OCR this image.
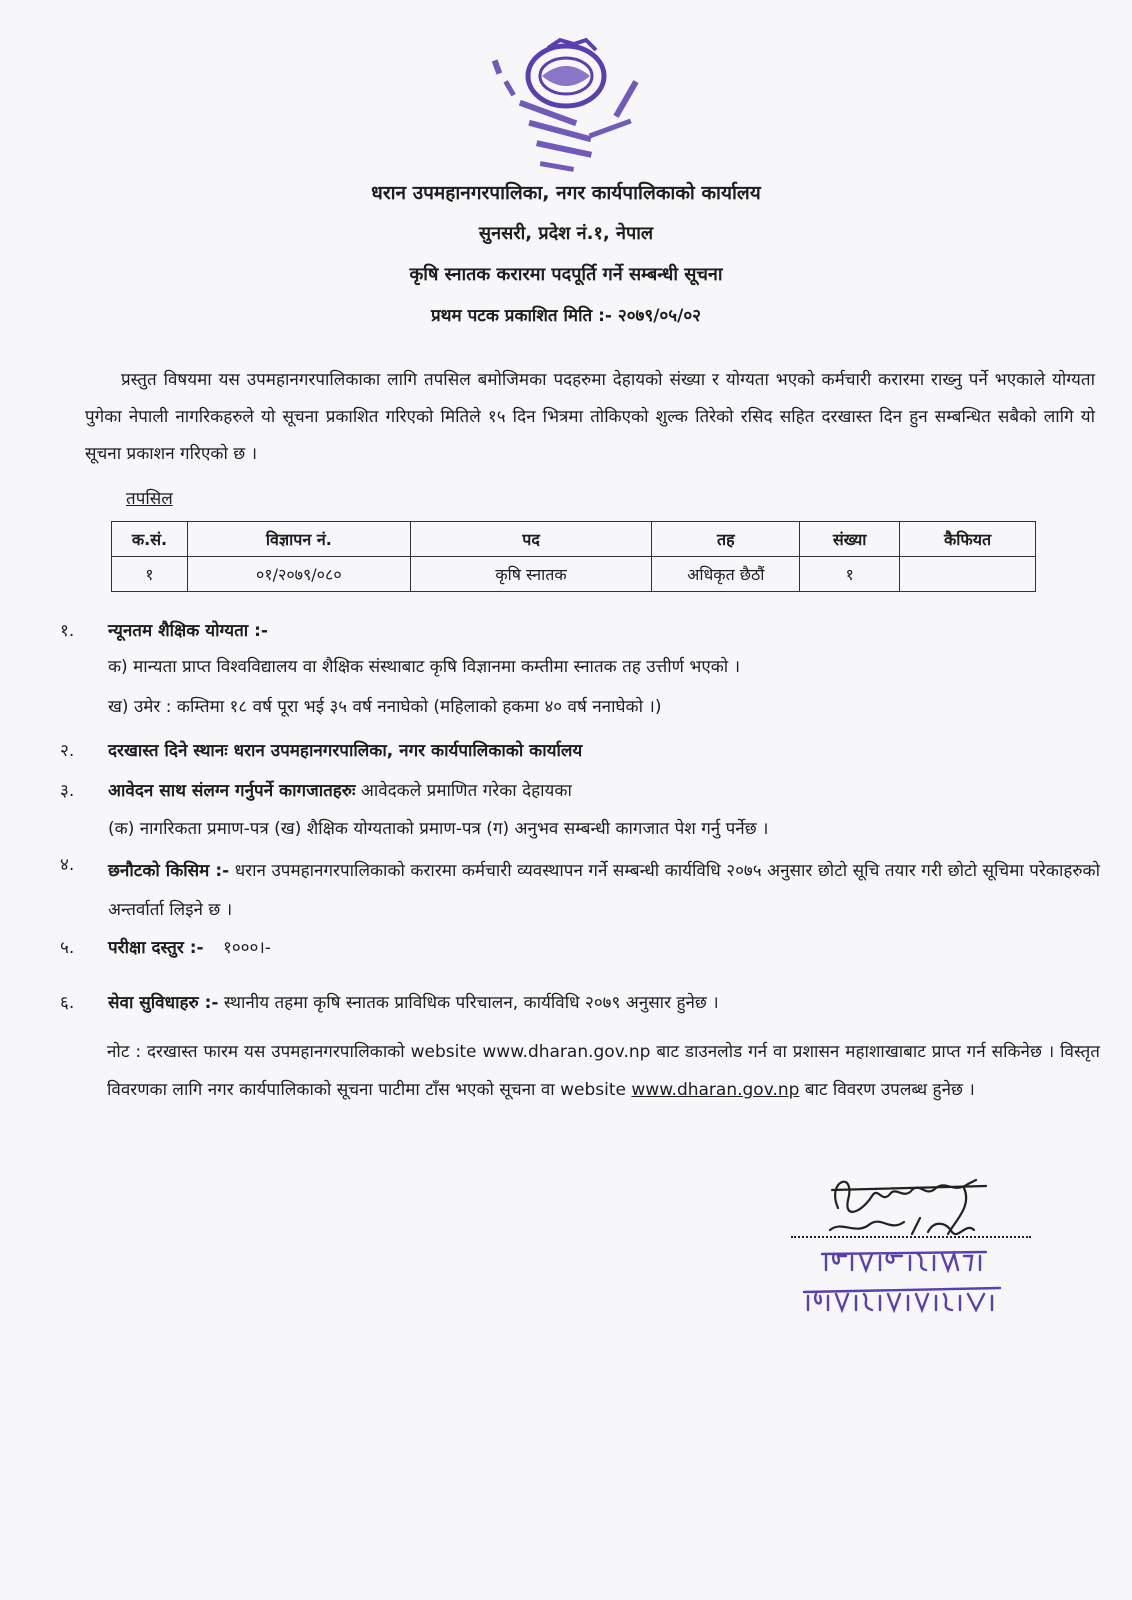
धरान उपमहानगरपालिका, नगर कार्यपालिकाको कार्यालय
सुनसरी, प्रदेश नं.१, नेपाल
कृषि स्नातक करारमा पदपूर्ति गर्ने सम्बन्धी सूचना
प्रथम पटक प्रकाशित मिति :- २०७९/०५/०२
प्रस्तुत विषयमा यस उपमहानगरपालिकाका लागि तपसिल बमोजिमका पदहरुमा देहायको संख्या र योग्यता भएको कर्मचारी करारमा राख्नु पर्ने भएकाले योग्यता पुगेका नेपाली नागरिकहरुले यो सूचना प्रकाशित गरिएको मितिले १५ दिन भित्रमा तोकिएको शुल्क तिरेको रसिद सहित दरखास्त दिन हुन सम्बन्धित सबैको लागि यो सूचना प्रकाशन गरिएको छ ।
तपसिल
क.सं.	विज्ञापन नं.	पद	तह	संख्या	कैफियत
१	०१/२०७९/०८०	कृषि स्नातक	अधिकृत छैठौं	१	
१.	न्यूनतम शैक्षिक योग्यता :-
क) मान्यता प्राप्त विश्वविद्यालय वा शैक्षिक संस्थाबाट कृषि विज्ञानमा कम्तीमा स्नातक तह उत्तीर्ण भएको ।
ख) उमेर : कम्तिमा १८ वर्ष पूरा भई ३५ वर्ष ननाघेको (महिलाको हकमा ४० वर्ष ननाघेको ।)
२.	दरखास्त दिने स्थानः धरान उपमहानगरपालिका, नगर कार्यपालिकाको कार्यालय
३.	आवेदन साथ संलग्न गर्नुपर्ने कागजातहरुः आवेदकले प्रमाणित गरेका देहायका
(क) नागरिकता प्रमाण-पत्र (ख) शैक्षिक योग्यताको प्रमाण-पत्र (ग) अनुभव सम्बन्धी कागजात पेश गर्नु पर्नेछ ।
४.	छनौटको किसिम :- धरान उपमहानगरपालिकाको करारमा कर्मचारी व्यवस्थापन गर्ने सम्बन्धी कार्यविधि २०७५ अनुसार छोटो सूचि तयार गरी छोटो सूचिमा परेकाहरुको अन्तर्वार्ता लिइने छ ।
५.	परीक्षा दस्तुर :- १०००।-
६.	सेवा सुविधाहरु :- स्थानीय तहमा कृषि स्नातक प्राविधिक परिचालन, कार्यविधि २०७९ अनुसार हुनेछ ।
नोट : दरखास्त फारम यस उपमहानगरपालिकाको website www.dharan.gov.np बाट डाउनलोड गर्न वा प्रशासन महाशाखाबाट प्राप्त गर्न सकिनेछ । विस्तृत विवरणका लागि नगर कार्यपालिकाको सूचना पाटीमा टाँस भएको सूचना वा website www.dharan.gov.np बाट विवरण उपलब्ध हुनेछ ।
